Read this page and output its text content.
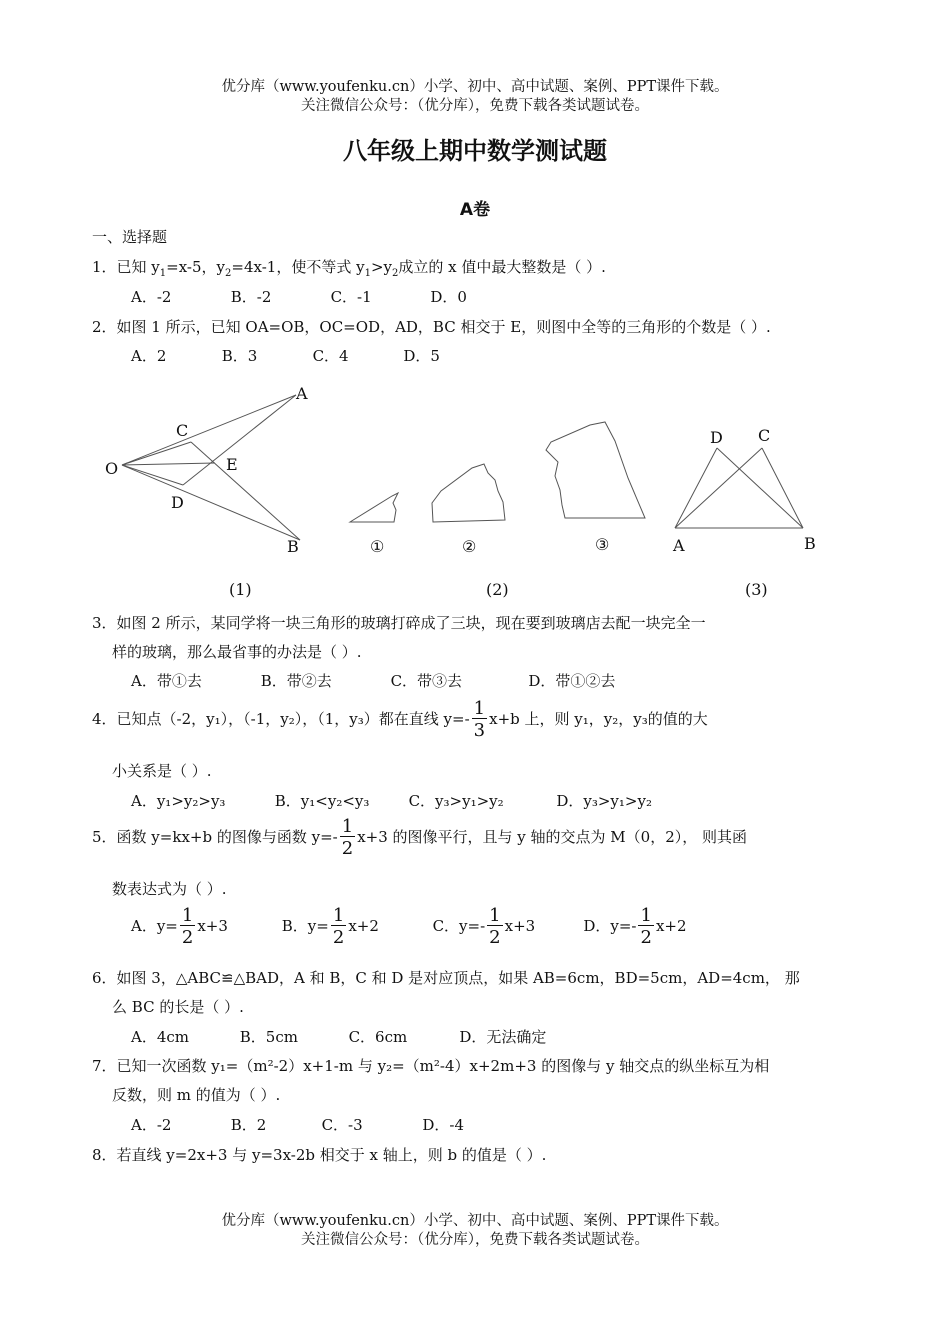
优分库（www.youfenku.cn）小学、初中、高中试题、案例、PPT课件下载。
关注微信公众号：（优分库），免费下载各类试题试卷。
八年级上期中数学测试题
A卷
一、选择题
1．已知 $y_1=x-5$，$y_2=4x-1$，使不等式 $y_1>y_2$成立的 x 值中最大整数是（ ）.
A．-2	B．-2	C．-1	D．0
2．如图 1 所示，已知 OA=OB，OC=OD，AD，BC 相交于 E，则图中全等的三角形的个数是（ ）.
A．2	B．3	C．4	D．5
A
B
C
D
E
O
①	②	③	A	B
C
D
(1)	(2)	(3)
3．如图 2 所示，某同学将一块三角形的玻璃打碎成了三块，现在要到玻璃店去配一块完全一
样的玻璃，那么最省事的办法是（ ）.
A．带①去	B．带②去	C．带③去	D．带①②去
4．已知点（-2，y₁），（-1，y₂），（1，y₃）都在直线 $y=- \frac{1}{3} x+b$ 上，则 y₁，y₂，y₃的值的大
小关系是（ ）.
A．y₁>y₂>y₃	B．y₁<y₂<y₃	C．y₃>y₁>y₂	D．y₃>y₁>y₂
5．函数 y=kx+b 的图像与函数 $y=- \frac{1}{2} x+3$ 的图像平行，且与 y 轴的交点为 M（0，2）， 则其函
数表达式为（ ）.
A．$y= \frac{1}{2} x+3$	B．$y= \frac{1}{2} x+2$	C．$y=- \frac{1}{2} x+3$	D．$y=- \frac{1}{2} x+2$
6．如图 3，△ABC≌△BAD，A 和 B，C 和 D 是对应顶点，如果 AB=6cm，BD=5cm，AD=4cm， 那
么 BC 的长是（ ）.
A．4cm	B．5cm	C．6cm	D．无法确定
7．已知一次函数 y₁=（m²-2）x+1-m 与 y₂=（m²-4）x+2m+3 的图像与 y 轴交点的纵坐标互为相
反数，则 m 的值为（ ）.
A．-2	B．2	C．-3	D．-4
8．若直线 y=2x+3 与 y=3x-2b 相交于 x 轴上，则 b 的值是（ ）.
优分库（www.youfenku.cn）小学、初中、高中试题、案例、PPT课件下载。
关注微信公众号：（优分库），免费下载各类试题试卷。
